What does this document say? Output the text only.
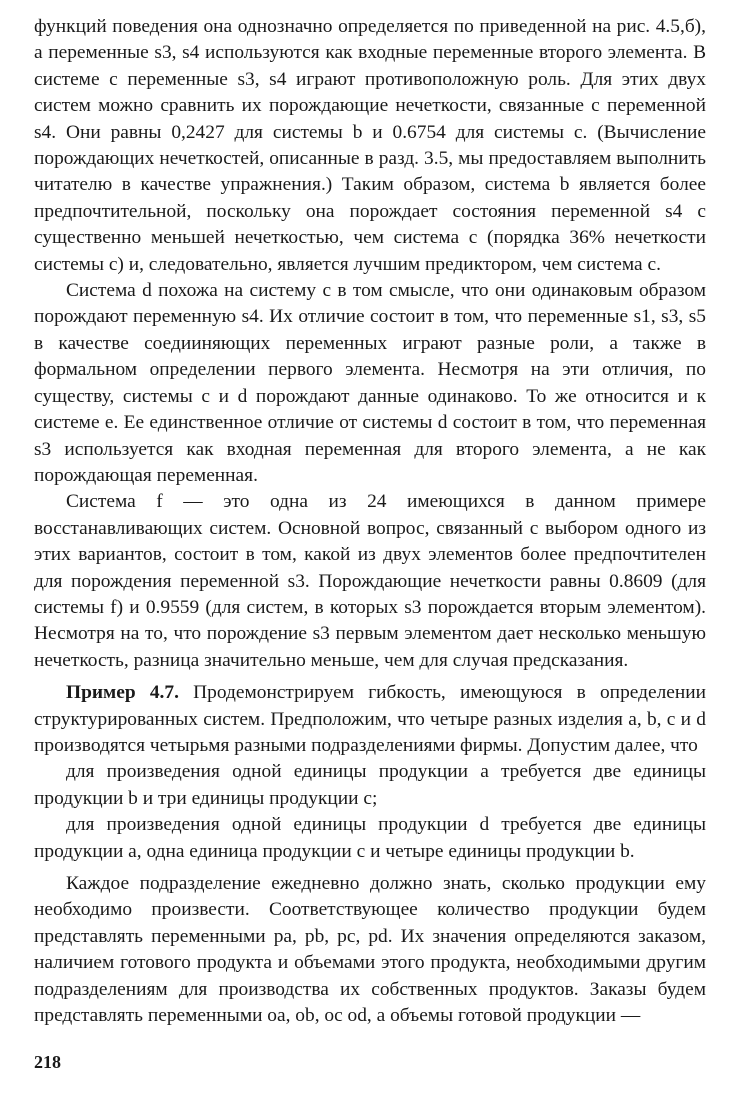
функций поведения она однозначно определяется по приведенной на рис. 4.5,б), а переменные s3, s4 используются как входные переменные второго элемента. В системе c переменные s3, s4 играют противоположную роль. Для этих двух систем можно сравнить их порождающие нечеткости, связанные с переменной s4. Они равны 0,2427 для системы b и 0.6754 для системы c. (Вычисление порождающих нечеткостей, описанные в разд. 3.5, мы предоставляем выполнить читателю в качестве упражнения.) Таким образом, система b является более предпочтительной, поскольку она порождает состояния переменной s4 с существенно меньшей нечеткостью, чем система c (порядка 36% нечеткости системы c) и, следовательно, является лучшим предиктором, чем система c.

Система d похожа на систему c в том смысле, что они одинаковым образом порождают переменную s4. Их отличие состоит в том, что переменные s1, s3, s5 в качестве соедииняющих переменных играют разные роли, а также в формальном определении первого элемента. Несмотря на эти отличия, по существу, системы c и d порождают данные одинаково. То же относится и к системе e. Ее единственное отличие от системы d состоит в том, что переменная s3 используется как входная переменная для второго элемента, а не как порождающая переменная.

Система f — это одна из 24 имеющихся в данном примере восстанавливающих систем. Основной вопрос, связанный с выбором одного из этих вариантов, состоит в том, какой из двух элементов более предпочтителен для порождения переменной s3. Порождающие нечеткости равны 0.8609 (для системы f) и 0.9559 (для систем, в которых s3 порождается вторым элементом). Несмотря на то, что порождение s3 первым элементом дает несколько меньшую нечеткость, разница значительно меньше, чем для случая предсказания.

Пример 4.7. Продемонстрируем гибкость, имеющуюся в определении структурированных систем. Предположим, что четыре разных изделия a, b, c и d производятся четырьмя разными подразделениями фирмы. Допустим далее, что

для произведения одной единицы продукции a требуется две единицы продукции b и три единицы продукции c;

для произведения одной единицы продукции d требуется две единицы продукции a, одна единица продукции c и четыре единицы продукции b.

Каждое подразделение ежедневно должно знать, сколько продукции ему необходимо произвести. Соответствующее количество продукции будем представлять переменными pa, pb, pc, pd. Их значения определяются заказом, наличием готового продукта и объемами этого продукта, необходимыми другим подразделениям для производства их собственных продуктов. Заказы будем представлять переменными oa, ob, oc od, а объемы готовой продукции —

218
